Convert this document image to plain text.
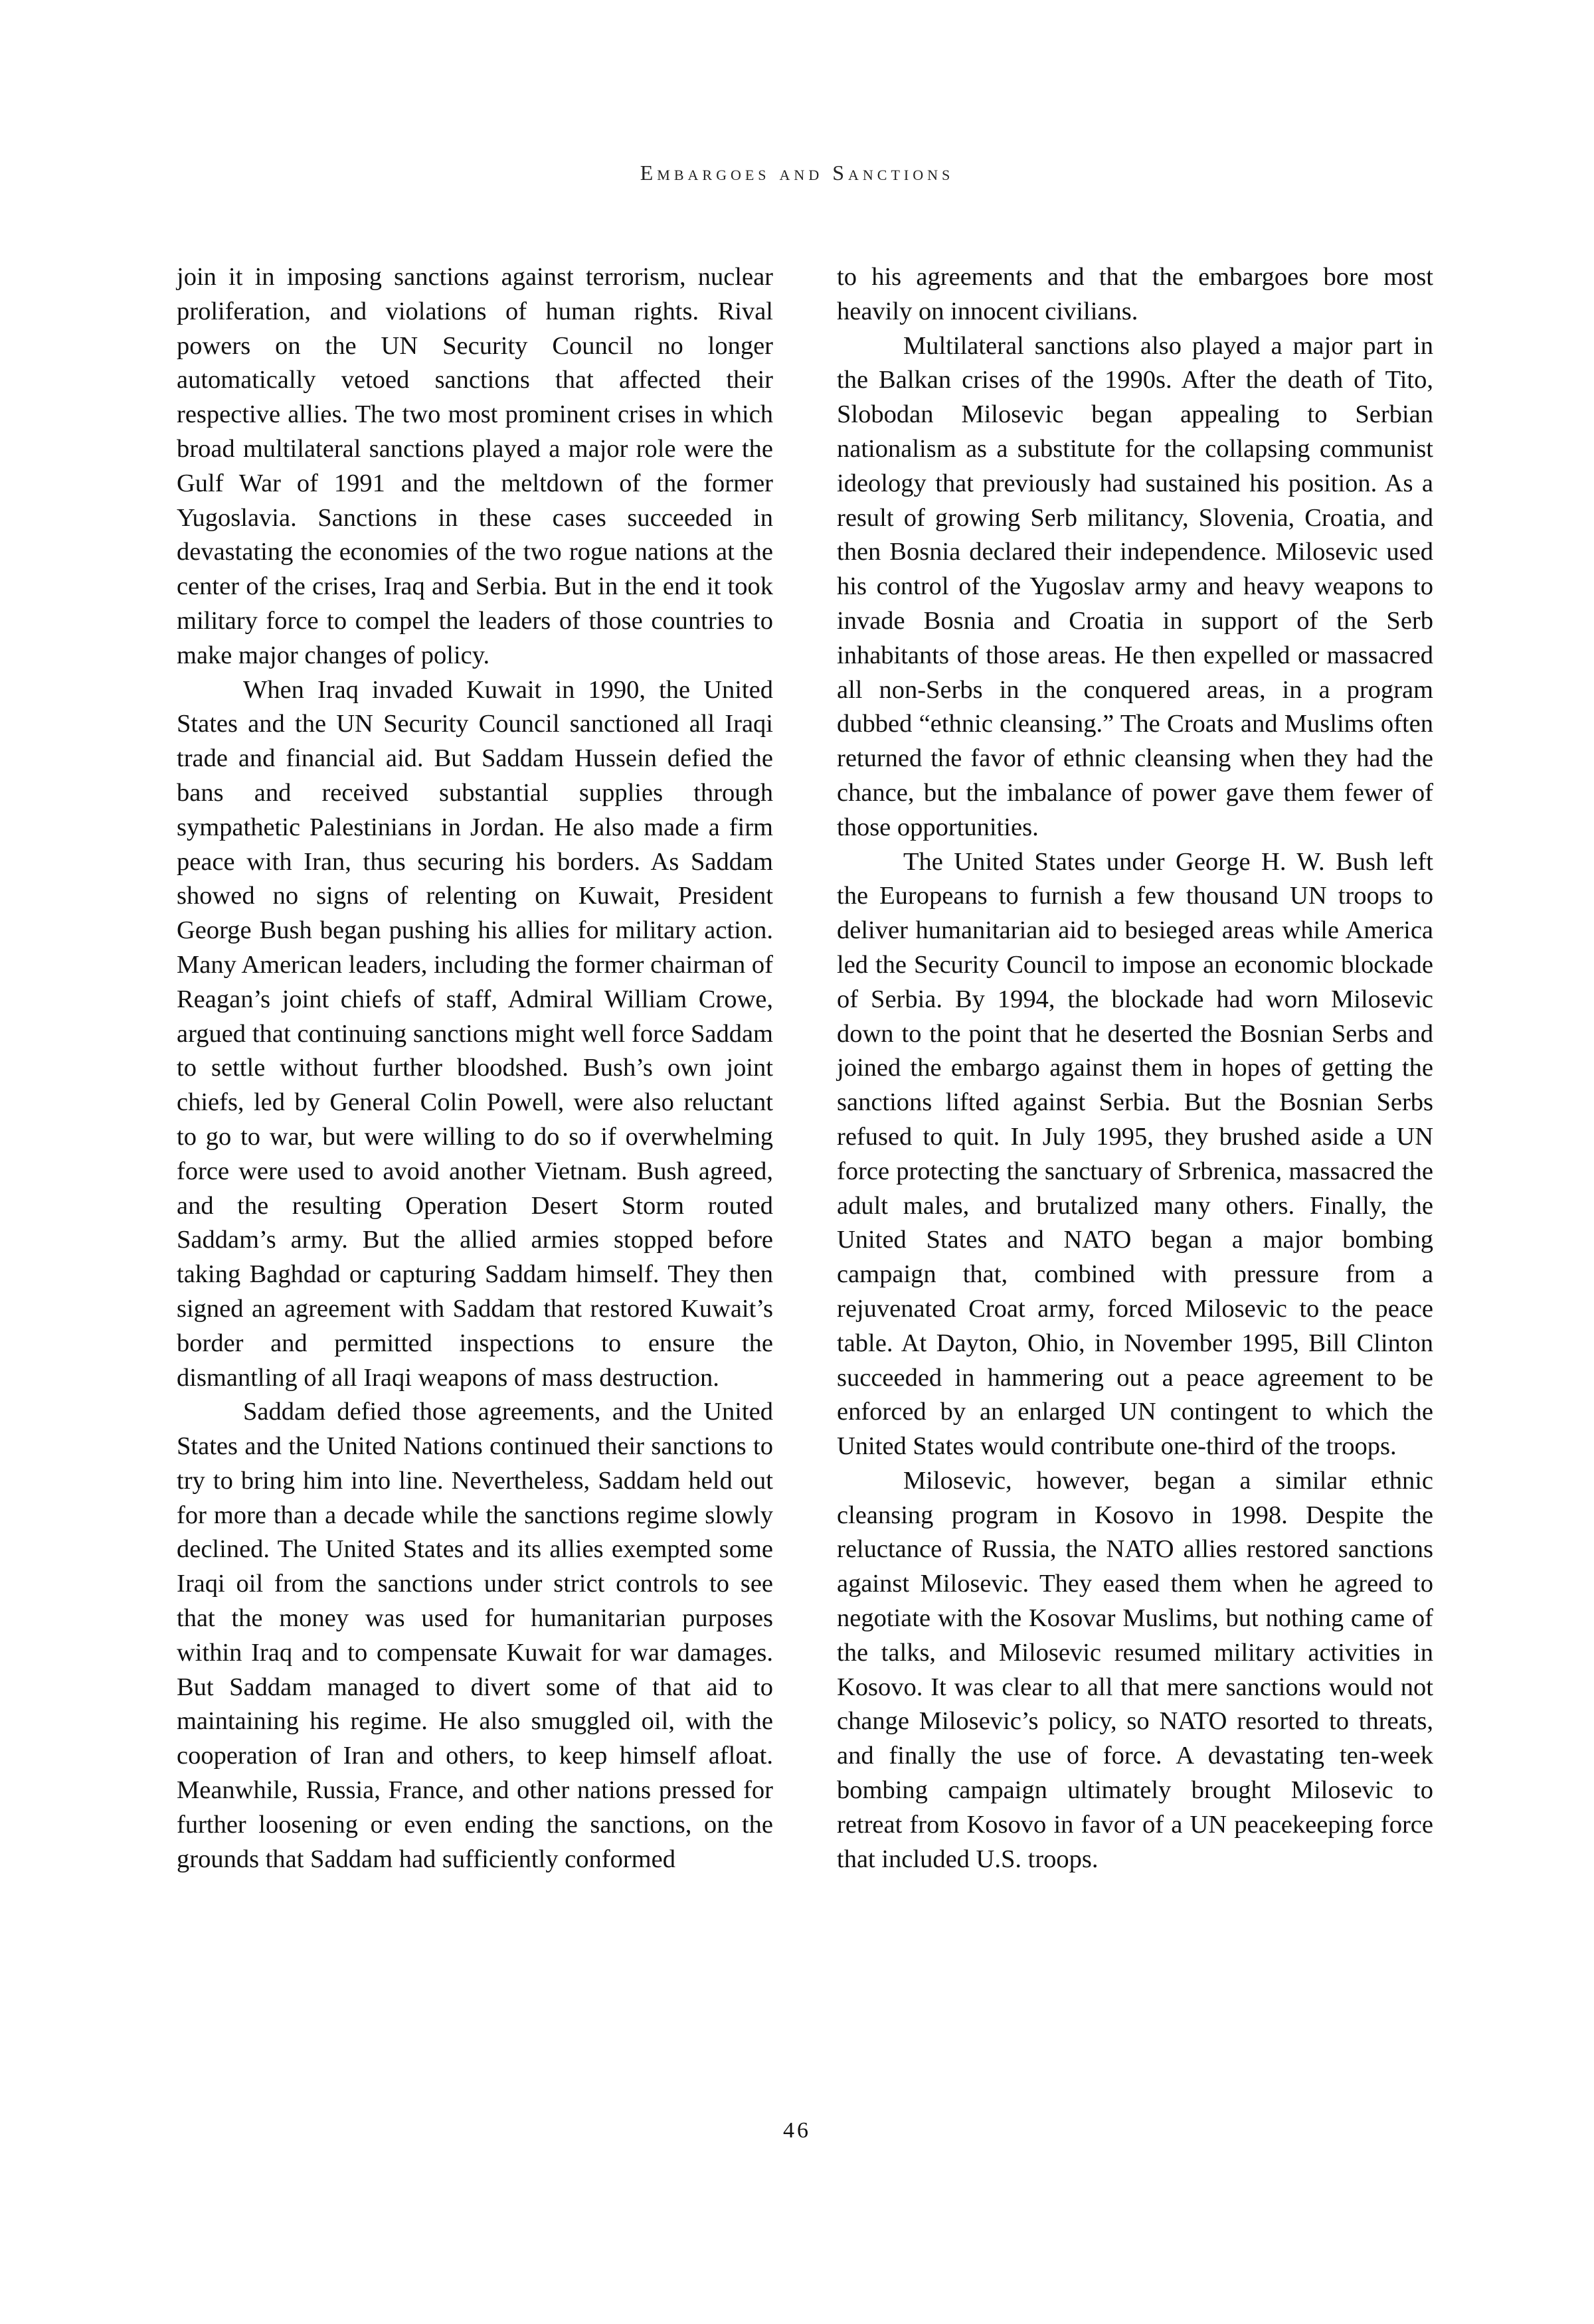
Embargoes and Sanctions

join it in imposing sanctions against terrorism, nuclear proliferation, and violations of human rights. Rival powers on the UN Security Council no longer automatically vetoed sanctions that affected their respective allies. The two most prominent crises in which broad multilateral sanctions played a major role were the Gulf War of 1991 and the meltdown of the former Yugoslavia. Sanctions in these cases succeeded in devastating the economies of the two rogue nations at the center of the crises, Iraq and Serbia. But in the end it took military force to compel the leaders of those countries to make major changes of policy.

When Iraq invaded Kuwait in 1990, the United States and the UN Security Council sanctioned all Iraqi trade and financial aid. But Saddam Hussein defied the bans and received substantial supplies through sympathetic Palestinians in Jordan. He also made a firm peace with Iran, thus securing his borders. As Saddam showed no signs of relenting on Kuwait, President George Bush began pushing his allies for military action. Many American leaders, including the former chairman of Reagan’s joint chiefs of staff, Admiral William Crowe, argued that continuing sanctions might well force Saddam to settle without further bloodshed. Bush’s own joint chiefs, led by General Colin Powell, were also reluctant to go to war, but were willing to do so if overwhelming force were used to avoid another Vietnam. Bush agreed, and the resulting Operation Desert Storm routed Saddam’s army. But the allied armies stopped before taking Baghdad or capturing Saddam himself. They then signed an agreement with Saddam that restored Kuwait’s border and permitted inspections to ensure the dismantling of all Iraqi weapons of mass destruction.

Saddam defied those agreements, and the United States and the United Nations continued their sanctions to try to bring him into line. Nevertheless, Saddam held out for more than a decade while the sanctions regime slowly declined. The United States and its allies exempted some Iraqi oil from the sanctions under strict controls to see that the money was used for humanitarian purposes within Iraq and to compensate Kuwait for war damages. But Saddam managed to divert some of that aid to maintaining his regime. He also smuggled oil, with the cooperation of Iran and others, to keep himself afloat. Meanwhile, Russia, France, and other nations pressed for further loosening or even ending the sanctions, on the grounds that Saddam had sufficiently conformed

to his agreements and that the embargoes bore most heavily on innocent civilians.

Multilateral sanctions also played a major part in the Balkan crises of the 1990s. After the death of Tito, Slobodan Milosevic began appealing to Serbian nationalism as a substitute for the collapsing communist ideology that previously had sustained his position. As a result of growing Serb militancy, Slovenia, Croatia, and then Bosnia declared their independence. Milosevic used his control of the Yugoslav army and heavy weapons to invade Bosnia and Croatia in support of the Serb inhabitants of those areas. He then expelled or massacred all non-Serbs in the conquered areas, in a program dubbed “ethnic cleansing.” The Croats and Muslims often returned the favor of ethnic cleansing when they had the chance, but the imbalance of power gave them fewer of those opportunities.

The United States under George H. W. Bush left the Europeans to furnish a few thousand UN troops to deliver humanitarian aid to besieged areas while America led the Security Council to impose an economic blockade of Serbia. By 1994, the blockade had worn Milosevic down to the point that he deserted the Bosnian Serbs and joined the embargo against them in hopes of getting the sanctions lifted against Serbia. But the Bosnian Serbs refused to quit. In July 1995, they brushed aside a UN force protecting the sanctuary of Srbrenica, massacred the adult males, and brutalized many others. Finally, the United States and NATO began a major bombing campaign that, combined with pressure from a rejuvenated Croat army, forced Milosevic to the peace table. At Dayton, Ohio, in November 1995, Bill Clinton succeeded in hammering out a peace agreement to be enforced by an enlarged UN contingent to which the United States would contribute one-third of the troops.

Milosevic, however, began a similar ethnic cleansing program in Kosovo in 1998. Despite the reluctance of Russia, the NATO allies restored sanctions against Milosevic. They eased them when he agreed to negotiate with the Kosovar Muslims, but nothing came of the talks, and Milosevic resumed military activities in Kosovo. It was clear to all that mere sanctions would not change Milosevic’s policy, so NATO resorted to threats, and finally the use of force. A devastating ten-week bombing campaign ultimately brought Milosevic to retreat from Kosovo in favor of a UN peacekeeping force that included U.S. troops.

46
